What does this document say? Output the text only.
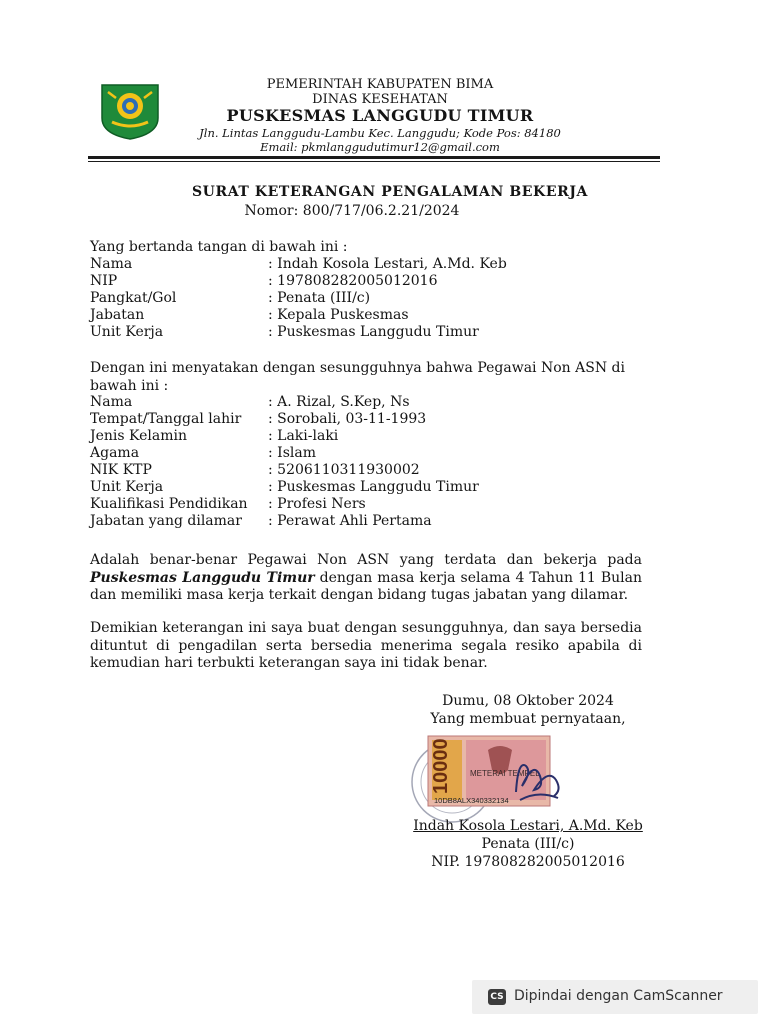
PEMERINTAH KABUPATEN BIMA
DINAS KESEHATAN
PUSKESMAS LANGGUDU TIMUR
Jln. Lintas Langgudu-Lambu Kec. Langgudu; Kode Pos: 84180
Email: pkmlanggudutimur12@gmail.com
SURAT KETERANGAN PENGALAMAN BEKERJA
Nomor: 800/717/06.2.21/2024
Yang bertanda tangan di bawah ini :
Nama	: Indah Kosola Lestari, A.Md. Keb
NIP	: 197808282005012016
Pangkat/Gol	: Penata (III/c)
Jabatan	: Kepala Puskesmas
Unit Kerja	: Puskesmas Langgudu Timur
Dengan ini menyatakan dengan sesungguhnya bahwa Pegawai Non ASN di bawah ini :
Nama	: A. Rizal, S.Kep, Ns
Tempat/Tanggal lahir : Sorobali, 03-11-1993
Jenis Kelamin	: Laki-laki
Agama	: Islam
NIK KTP	: 5206110311930002
Unit Kerja	: Puskesmas Langgudu Timur
Kualifikasi Pendidikan : Profesi Ners
Jabatan yang dilamar : Perawat Ahli Pertama
Adalah benar-benar Pegawai Non ASN yang terdata dan bekerja pada Puskesmas Langgudu Timur dengan masa kerja selama 4 Tahun 11 Bulan dan memiliki masa kerja terkait dengan bidang tugas jabatan yang dilamar.
Demikian keterangan ini saya buat dengan sesungguhnya, dan saya bersedia dituntut di pengadilan serta bersedia menerima segala resiko apabila di kemudian hari terbukti keterangan saya ini tidak benar.
Dumu, 08 Oktober 2024
Yang membuat pernyataan,
10000 METERAI TEMPEL
10DB8ALX340332134
Indah Kosola Lestari, A.Md. Keb
Penata (III/c)
NIP. 197808282005012016
CS Dipindai dengan CamScanner
